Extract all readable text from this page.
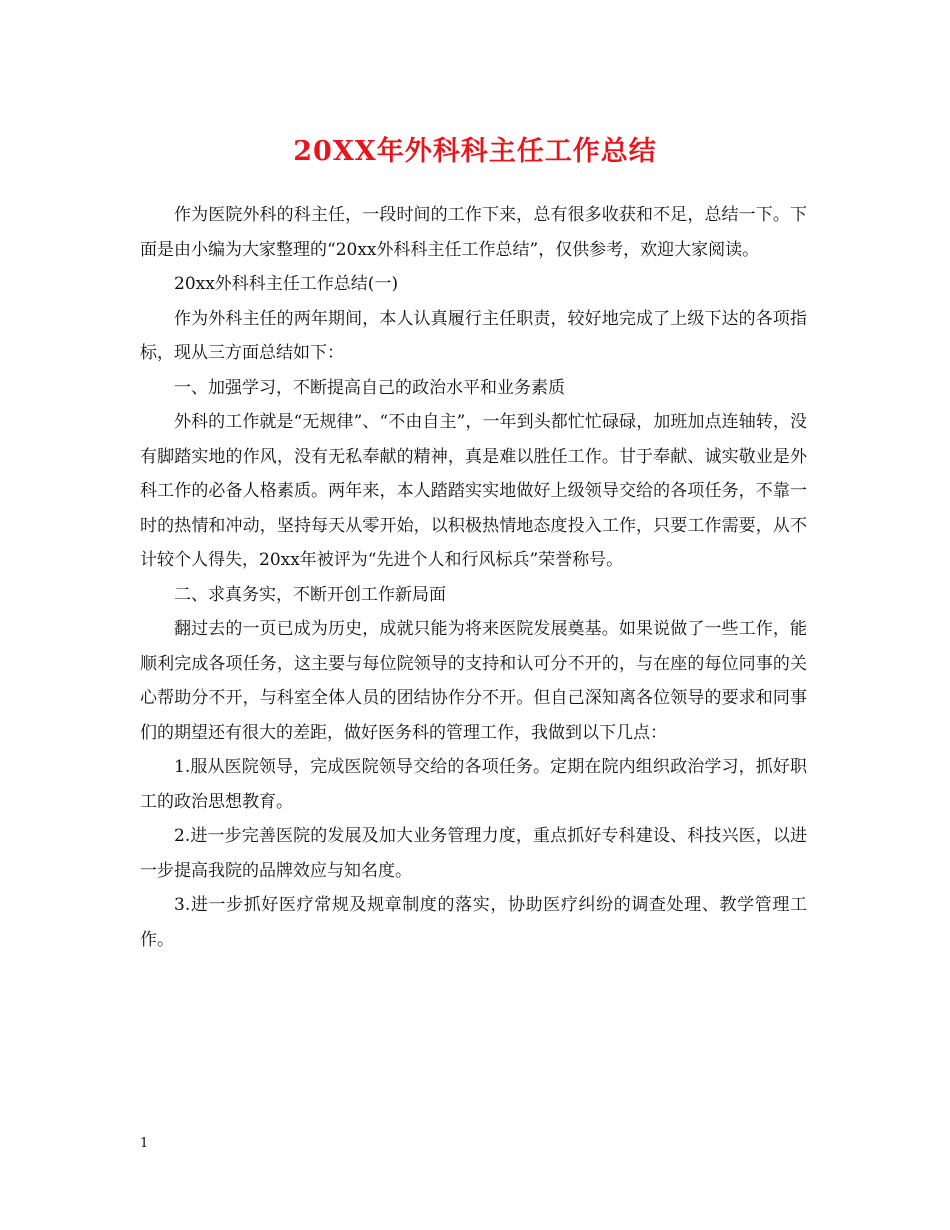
20XX年外科科主任工作总结

作为医院外科的科主任，一段时间的工作下来，总有很多收获和不足，总结一下。下面是由小编为大家整理的“20xx外科科主任工作总结”，仅供参考，欢迎大家阅读。

20xx外科科主任工作总结(一)

作为外科主任的两年期间，本人认真履行主任职责，较好地完成了上级下达的各项指标，现从三方面总结如下：

一、加强学习，不断提高自己的政治水平和业务素质

外科的工作就是“无规律”、“不由自主”，一年到头都忙忙碌碌，加班加点连轴转，没有脚踏实地的作风，没有无私奉献的精神，真是难以胜任工作。甘于奉献、诚实敬业是外科工作的必备人格素质。两年来，本人踏踏实实地做好上级领导交给的各项任务，不靠一时的热情和冲动，坚持每天从零开始，以积极热情地态度投入工作，只要工作需要，从不计较个人得失，20xx年被评为“先进个人和行风标兵”荣誉称号。

二、求真务实，不断开创工作新局面

翻过去的一页已成为历史，成就只能为将来医院发展奠基。如果说做了一些工作，能顺利完成各项任务，这主要与每位院领导的支持和认可分不开的，与在座的每位同事的关心帮助分不开，与科室全体人员的团结协作分不开。但自己深知离各位领导的要求和同事们的期望还有很大的差距，做好医务科的管理工作，我做到以下几点：

1.服从医院领导，完成医院领导交给的各项任务。定期在院内组织政治学习，抓好职工的政治思想教育。

2.进一步完善医院的发展及加大业务管理力度，重点抓好专科建设、科技兴医，以进一步提高我院的品牌效应与知名度。

3.进一步抓好医疗常规及规章制度的落实，协助医疗纠纷的调查处理、教学管理工作。

1
